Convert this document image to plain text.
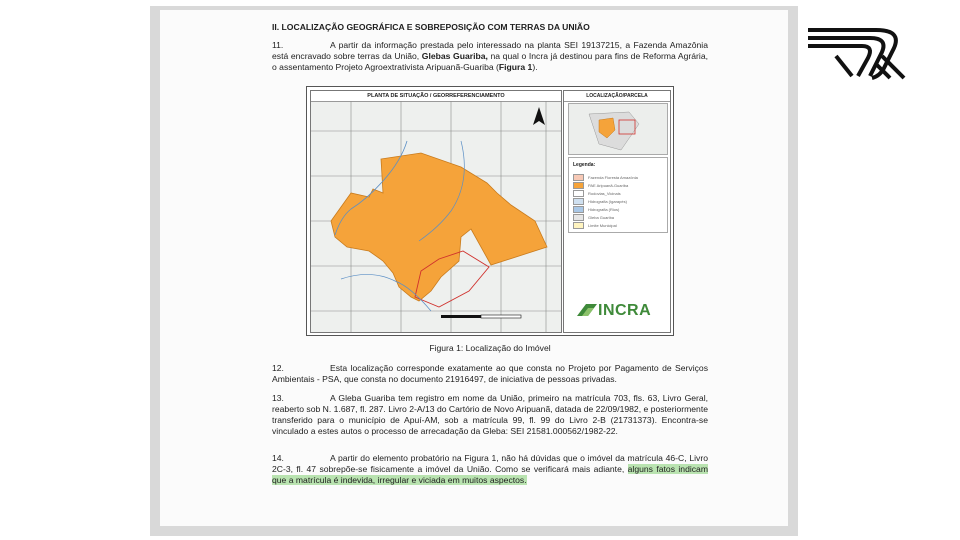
II. LOCALIZAÇÃO GEOGRÁFICA E SOBREPOSIÇÃO COM TERRAS DA UNIÃO
11.	A partir da informação prestada pelo interessado na planta SEI 19137215, a Fazenda Amazônia está encravado sobre terras da União, Glebas Guariba, na qual o Incra já destinou para fins de Reforma Agrária, o assentamento Projeto Agroextrativista Aripuanã-Guariba (Figura 1).
PLANTA DE SITUAÇÃO / GEORREFERENCIAMENTO	LOCALIZAÇÃO/PARCELA
Legenda:
Fazenda Floresta Amazônia
PAE Aripuanã-Guariba
Rodovias_Vicinais
Hidrografia (Igarapés)
Hidrografia (Rios)
Gleba Guariba
Limite Municipal
INCRA
Figura 1: Localização do Imóvel
12.	Esta localização corresponde exatamente ao que consta no Projeto por Pagamento de Serviços Ambientais - PSA, que consta no documento 21916497, de iniciativa de pessoas privadas.
13.	A Gleba Guariba tem registro em nome da União, primeiro na matrícula 703, fls. 63, Livro Geral, reaberto sob N. 1.687, fl. 287. Livro 2-A/13 do Cartório de Novo Aripuanã, datada de 22/09/1982, e posteriormente transferido para o município de Apuí-AM, sob a matrícula 99, fl. 99 do Livro 2-B (21731373). Encontra-se vinculado a estes autos o processo de arrecadação da Gleba: SEI 21581.000562/1982-22.
14.	A partir do elemento probatório na Figura 1, não há dúvidas que o imóvel da matrícula 46-C, Livro 2C-3, fl. 47 sobrepõe-se fisicamente a imóvel da União. Como se verificará mais adiante, alguns fatos indicam que a matrícula é indevida, irregular e viciada em muitos aspectos.
